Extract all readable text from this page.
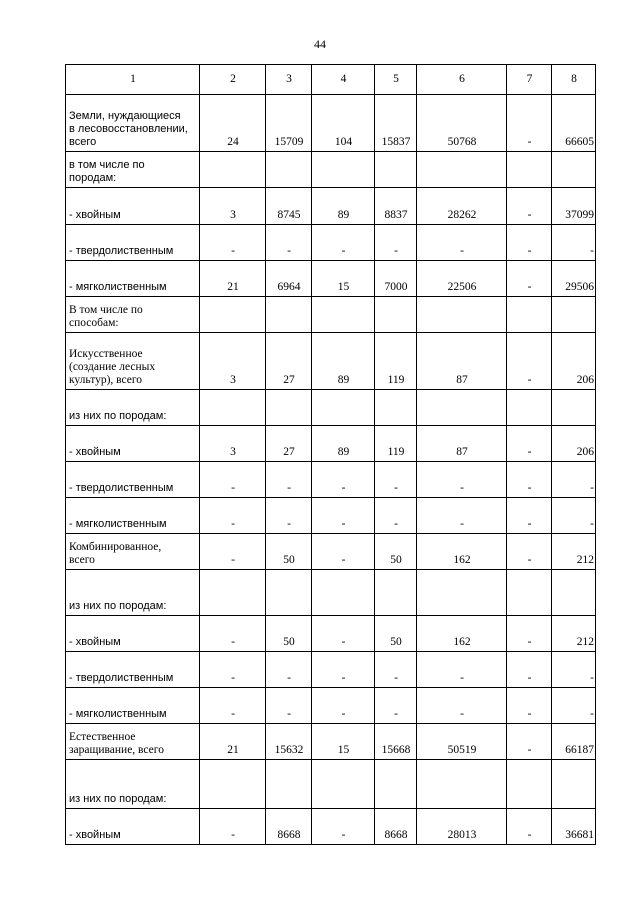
44
1	2	3	4	5	6	7	8
Земли, нуждающиеся
в лесовосстановлении,
всего	24	15709	104	15837	50768	-	66605
в том числе по
породам:							
- хвойным	3	8745	89	8837	28262	-	37099
- твердолиственным	-	-	-	-	-	-	-
- мягколиственным	21	6964	15	7000	22506	-	29506
В том числе по
способам:							
Искусственное
(создание лесных
культур), всего	3	27	89	119	87	-	206
из них по породам:							
- хвойным	3	27	89	119	87	-	206
- твердолиственным	-	-	-	-	-	-	-
- мягколиственным	-	-	-	-	-	-	-
Комбинированное,
всего	-	50	-	50	162	-	212
из них по породам:							
- хвойным	-	50	-	50	162	-	212
- твердолиственным	-	-	-	-	-	-	-
- мягколиственным	-	-	-	-	-	-	-
Естественное
заращивание, всего	21	15632	15	15668	50519	-	66187
из них по породам:							
- хвойным	-	8668	-	8668	28013	-	36681
